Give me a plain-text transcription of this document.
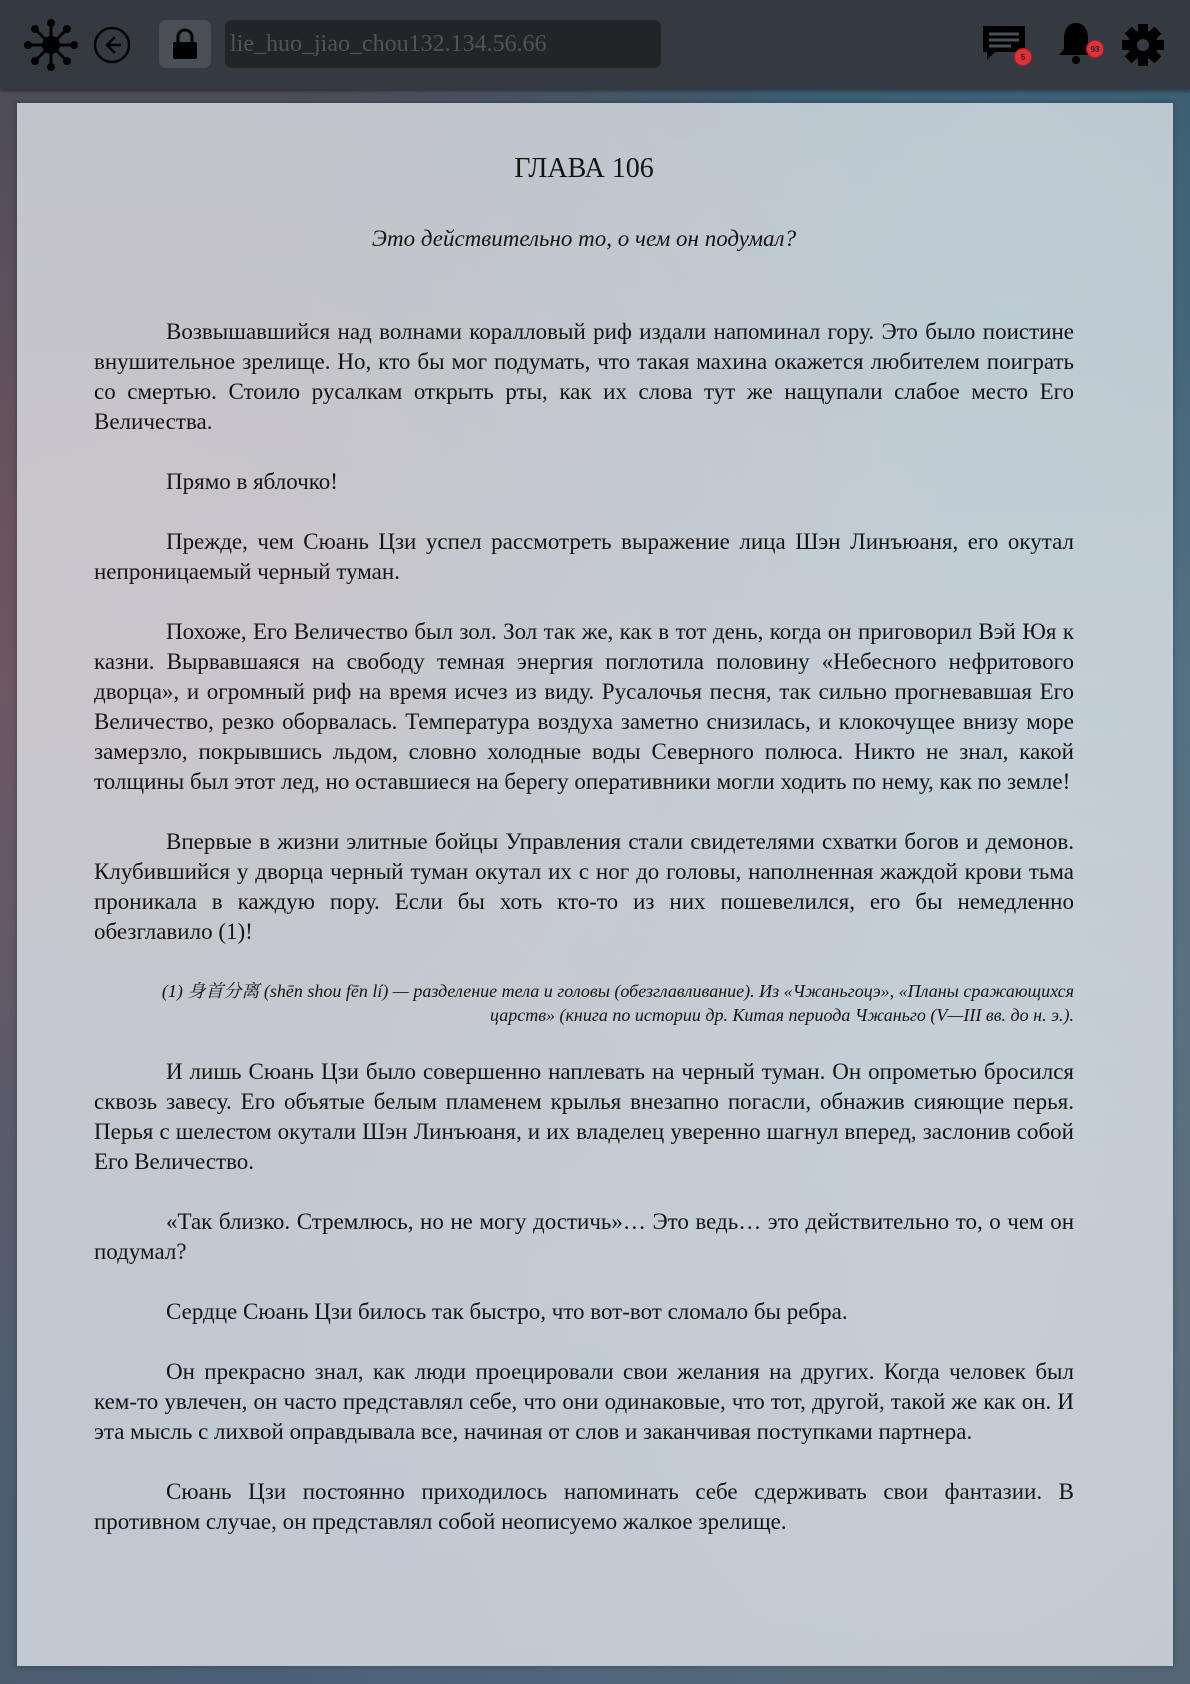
lie_huo_jiao_chou132.134.56.66
5
93
ГЛАВА 106
Это действительно то, о чем он подумал?

Возвышавшийся над волнами коралловый риф издали напоминал гору. Это было поистине внушительное зрелище. Но, кто бы мог подумать, что такая махина окажется любителем поиграть со смертью. Стоило русалкам открыть рты, как их слова тут же нащупали слабое место Его Величества.

Прямо в яблочко!

Прежде, чем Сюань Цзи успел рассмотреть выражение лица Шэн Линъюаня, его окутал непроницаемый черный туман.

Похоже, Его Величество был зол. Зол так же, как в тот день, когда он приговорил Вэй Юя к казни. Вырвавшаяся на свободу темная энергия поглотила половину «Небесного нефритового дворца», и огромный риф на время исчез из виду. Русалочья песня, так сильно прогневавшая Его Величество, резко оборвалась. Температура воздуха заметно снизилась, и клокочущее внизу море замерзло, покрывшись льдом, словно холодные воды Северного полюса. Никто не знал, какой толщины был этот лед, но оставшиеся на берегу оперативники могли ходить по нему, как по земле!

Впервые в жизни элитные бойцы Управления стали свидетелями схватки богов и демонов. Клубившийся у дворца черный туман окутал их с ног до головы, наполненная жаждой крови тьма проникала в каждую пору. Если бы хоть кто-то из них пошевелился, его бы немедленно обезглавило (1)!

(1) 身首分离 (shēn shou fēn lí) — разделение тела и головы (обезглавливание). Из «Чжаньгоцэ», «Планы сражающихся царств» (книга по истории др. Китая периода Чжаньго (V—III вв. до н. э.).

И лишь Сюань Цзи было совершенно наплевать на черный туман. Он опрометью бросился сквозь завесу. Его объятые белым пламенем крылья внезапно погасли, обнажив сияющие перья. Перья с шелестом окутали Шэн Линъюаня, и их владелец уверенно шагнул вперед, заслонив собой Его Величество.

«Так близко. Стремлюсь, но не могу достичь»… Это ведь… это действительно то, о чем он подумал?

Сердце Сюань Цзи билось так быстро, что вот-вот сломало бы ребра.

Он прекрасно знал, как люди проецировали свои желания на других. Когда человек был кем-то увлечен, он часто представлял себе, что они одинаковые, что тот, другой, такой же как он. И эта мысль с лихвой оправдывала все, начиная от слов и заканчивая поступками партнера.

Сюань Цзи постоянно приходилось напоминать себе сдерживать свои фантазии. В противном случае, он представлял собой неописуемо жалкое зрелище.
